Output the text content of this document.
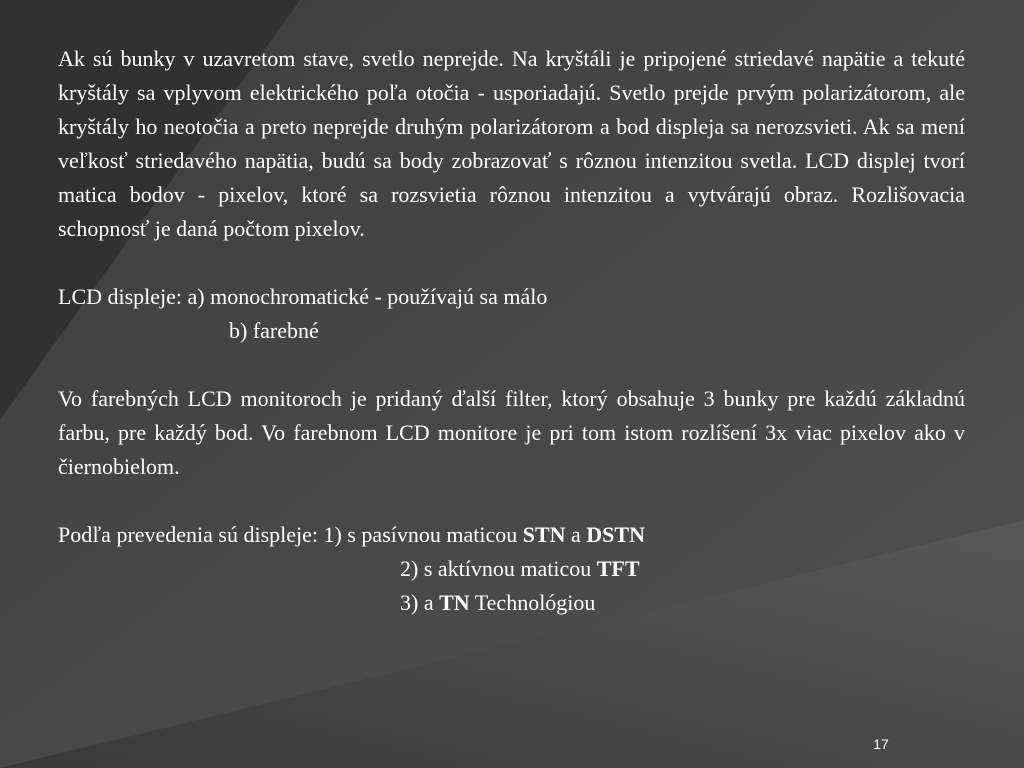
Ak sú bunky v uzavretom stave, svetlo neprejde. Na kryštáli je pripojené striedavé napätie a tekuté kryštály sa vplyvom elektrického poľa otočia - usporiadajú. Svetlo prejde prvým polarizátorom, ale kryštály ho neotočia a preto neprejde druhým polarizátorom a bod displeja sa nerozsvieti. Ak sa mení veľkosť striedavého napätia, budú sa body zobrazovať s rôznou intenzitou svetla. LCD displej tvorí matica bodov - pixelov, ktoré sa rozsvietia rôznou intenzitou a vytvárajú obraz. Rozlišovacia schopnosť je daná počtom pixelov.

LCD displeje: a) monochromatické - používajú sa málo
b) farebné

Vo farebných LCD monitoroch je pridaný ďalší filter, ktorý obsahuje 3 bunky pre každú základnú farbu, pre každý bod. Vo farebnom LCD monitore je pri tom istom rozlíšení 3x viac pixelov ako v čiernobielom.

Podľa prevedenia sú displeje: 1) s pasívnou maticou STN a DSTN
2) s aktívnou maticou TFT
3) a TN Technológiou
17
